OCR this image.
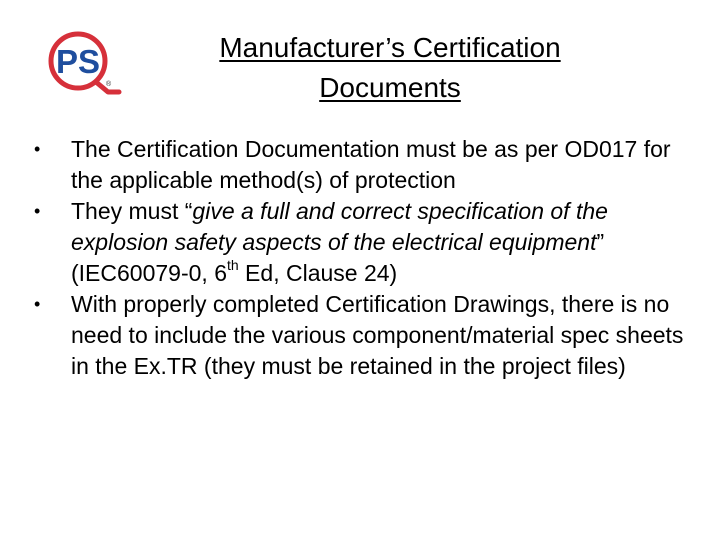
PS
®
Manufacturer’s Certification
Documents
•	The Certification Documentation must be as per OD017 for the applicable method(s) of protection
•	They must “give a full and correct specification of the explosion safety aspects of the electrical equipment” (IEC60079-0, 6th Ed, Clause 24)
•	With properly completed Certification Drawings, there is no need to include the various component/material spec sheets in the Ex.TR (they must be retained in the project files)
